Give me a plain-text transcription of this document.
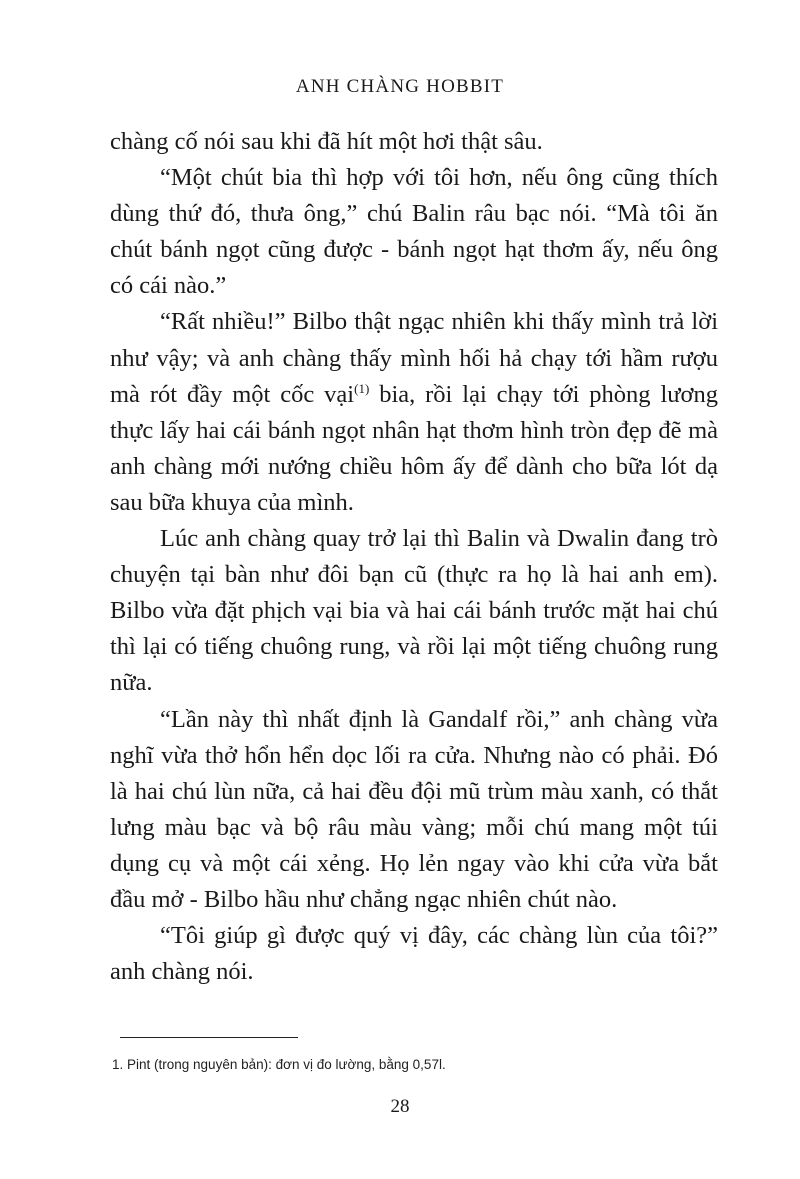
ANH CHÀNG HOBBIT

chàng cố nói sau khi đã hít một hơi thật sâu.

“Một chút bia thì hợp với tôi hơn, nếu ông cũng thích dùng thứ đó, thưa ông,” chú Balin râu bạc nói. “Mà tôi ăn chút bánh ngọt cũng được - bánh ngọt hạt thơm ấy, nếu ông có cái nào.”

“Rất nhiều!” Bilbo thật ngạc nhiên khi thấy mình trả lời như vậy; và anh chàng thấy mình hối hả chạy tới hầm rượu mà rót đầy một cốc vại$^{(1)}$ bia, rồi lại chạy tới phòng lương thực lấy hai cái bánh ngọt nhân hạt thơm hình tròn đẹp đẽ mà anh chàng mới nướng chiều hôm ấy để dành cho bữa lót dạ sau bữa khuya của mình.

Lúc anh chàng quay trở lại thì Balin và Dwalin đang trò chuyện tại bàn như đôi bạn cũ (thực ra họ là hai anh em). Bilbo vừa đặt phịch vại bia và hai cái bánh trước mặt hai chú thì lại có tiếng chuông rung, và rồi lại một tiếng chuông rung nữa.

“Lần này thì nhất định là Gandalf rồi,” anh chàng vừa nghĩ vừa thở hổn hển dọc lối ra cửa. Nhưng nào có phải. Đó là hai chú lùn nữa, cả hai đều đội mũ trùm màu xanh, có thắt lưng màu bạc và bộ râu màu vàng; mỗi chú mang một túi dụng cụ và một cái xẻng. Họ lẻn ngay vào khi cửa vừa bắt đầu mở - Bilbo hầu như chẳng ngạc nhiên chút nào.

“Tôi giúp gì được quý vị đây, các chàng lùn của tôi?” anh chàng nói.

1. Pint (trong nguyên bản): đơn vị đo lường, bằng 0,57l.
28
